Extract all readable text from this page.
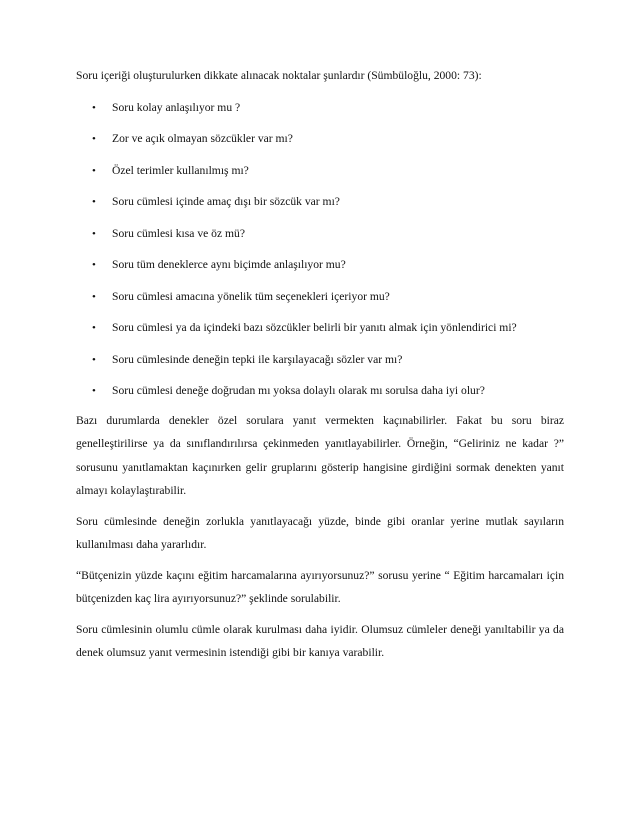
Soru içeriği oluşturulurken dikkate alınacak noktalar şunlardır (Sümbüloğlu, 2000: 73):

• Soru kolay anlaşılıyor mu ?
• Zor ve açık olmayan sözcükler var mı?
• Özel terimler kullanılmış mı?
• Soru cümlesi içinde amaç dışı bir sözcük var mı?
• Soru cümlesi kısa ve öz mü?
• Soru tüm deneklerce aynı biçimde anlaşılıyor mu?
• Soru cümlesi amacına yönelik tüm seçenekleri içeriyor mu?
• Soru cümlesi ya da içindeki bazı sözcükler belirli bir yanıtı almak için yönlendirici mi?
• Soru cümlesinde deneğin tepki ile karşılayacağı sözler var mı?
• Soru cümlesi deneğe doğrudan mı yoksa dolaylı olarak mı sorulsa daha iyi olur?

Bazı durumlarda denekler özel sorulara yanıt vermekten kaçınabilirler. Fakat bu soru biraz genelleştirilirse ya da sınıflandırılırsa çekinmeden yanıtlayabilirler. Örneğin, “Geliriniz ne kadar ?” sorusunu yanıtlamaktan kaçınırken gelir gruplarını gösterip hangisine girdiğini sormak denekten yanıt almayı kolaylaştırabilir.

Soru cümlesinde deneğin zorlukla yanıtlayacağı yüzde, binde gibi oranlar yerine mutlak sayıların kullanılması daha yararlıdır.

“Bütçenizin yüzde kaçını eğitim harcamalarına ayırıyorsunuz?” sorusu yerine “ Eğitim harcamaları için bütçenizden kaç lira ayırıyorsunuz?” şeklinde sorulabilir.

Soru cümlesinin olumlu cümle olarak kurulması daha iyidir. Olumsuz cümleler deneği yanıltabilir ya da denek olumsuz yanıt vermesinin istendiği gibi bir kanıya varabilir.
